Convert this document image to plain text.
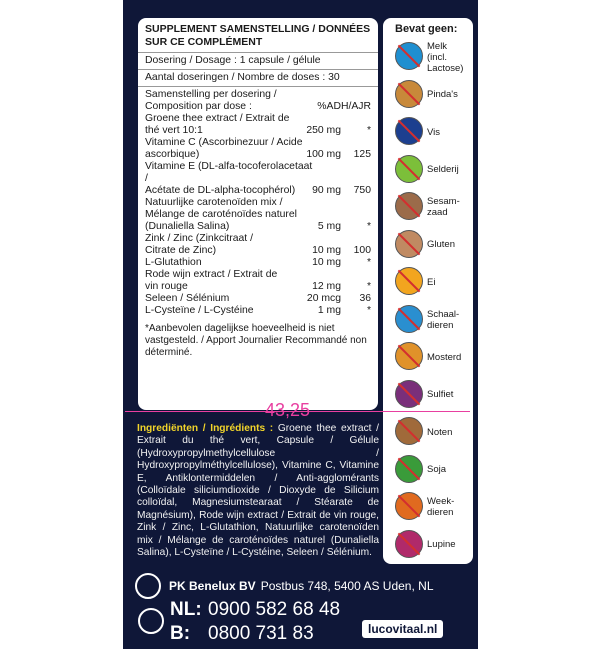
SUPPLEMENT SAMENSTELLING / DONNÉES SUR CE COMPLÉMENT
Dosering / Dosage : 1 capsule / gélule
Aantal doseringen / Nombre de doses : 30
Samenstelling per dosering /
Composition par dose :	%ADH/AJR
Groene thee extract / Extrait de
thé vert 10:1	250 mg	*
Vitamine C (Ascorbinezuur / Acide
ascorbique)	100 mg	125
Vitamine E (DL-alfa-tocoferolacetaat /
Acétate de DL-alpha-tocophérol)	90 mg	750
Natuurlijke carotenoïden mix /
Mélange de caroténoïdes naturel
(Dunaliella Salina)	5 mg	*
Zink / Zinc (Zinkcitraat /
Citrate de Zinc)	10 mg	100
L-Glutathion	10 mg	*
Rode wijn extract / Extrait de
vin rouge	12 mg	*
Seleen / Sélénium	20 mcg	36
L-Cysteïne / L-Cystéine	1 mg	*
*Aanbevolen dagelijkse hoeveelheid is niet vastgesteld. / Apport Journalier Recommandé non déterminé.
Bevat geen:
Melk
(incl.
Lactose)
Pinda's
Vis
Selderij
Sesam-
zaad
Gluten
Ei
Schaal-
dieren
Mosterd
Sulfiet
Noten
Soja
Week-
dieren
Lupine
43,25
Ingrediënten / Ingrédients : Groene thee extract / Extrait du thé vert, Capsule / Gélule (Hydroxypropylmethylcellulose / Hydroxypropylméthylcellulose), Vitamine C, Vitamine E, Antiklontermiddelen / Anti-agglomérants (Colloïdale siliciumdioxide / Dioxyde de Silicium colloïdal, Magnesiumstearaat / Stéarate de Magnésium), Rode wijn extract / Extrait de vin rouge, Zink / Zinc, L-Glutathion, Natuurlijke carotenoïden mix / Mélange de caroténoïdes naturel (Dunaliella Salina), L-Cysteïne / L-Cystéine, Seleen / Sélénium.
PK Benelux BV Postbus 748, 5400 AS Uden, NL
NL: 0900 582 68 48
B: 0800 731 83	lucovitaal.nl
